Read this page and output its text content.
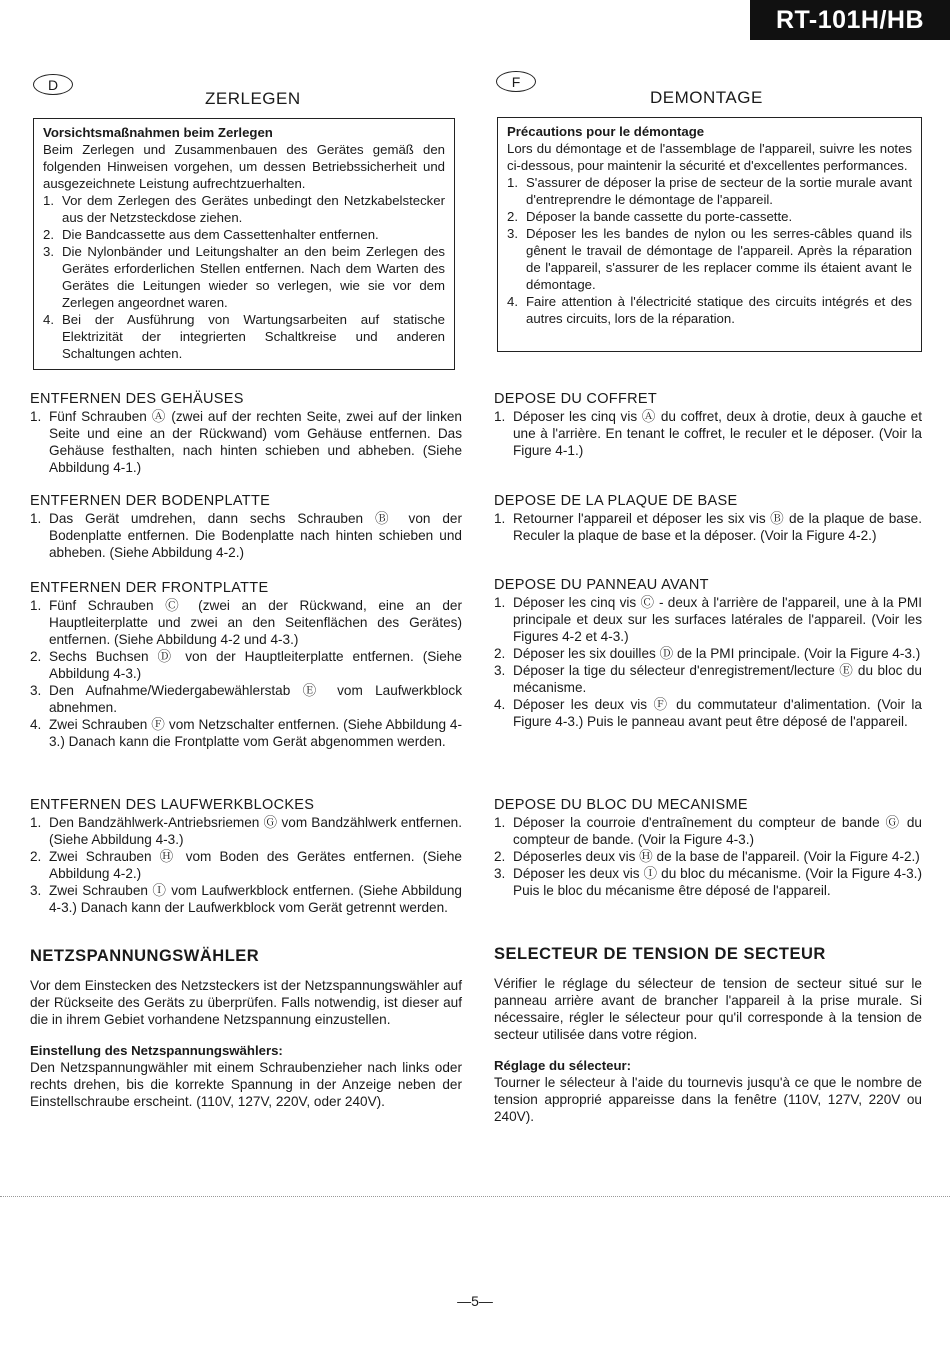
RT-101H/HB
D
ZERLEGEN
Vorsichtsmaßnahmen beim Zerlegen

Beim Zerlegen und Zusammenbauen des Gerätes gemäß den folgenden Hinweisen vorgehen, um dessen Betriebssicherheit und ausgezeichnete Leistung aufrechtzuerhalten.

1. Vor dem Zerlegen des Gerätes unbedingt den Netzkabelstecker aus der Netzsteckdose ziehen.
2. Die Bandcassette aus dem Cassettenhalter entfernen.
3. Die Nylonbänder und Leitungshalter an den beim Zerlegen des Gerätes erforderlichen Stellen entfernen. Nach dem Warten des Gerätes die Leitungen wieder so verlegen, wie sie vor dem Zerlegen angeordnet waren.
4. Bei der Ausführung von Wartungsarbeiten auf statische Elektrizität der integrierten Schaltkreise und anderen Schaltungen achten.
ENTFERNEN DES GEHÄUSES
1. Fünf Schrauben Ⓐ (zwei auf der rechten Seite, zwei auf der linken Seite und eine an der Rückwand) vom Gehäuse entfernen. Das Gehäuse festhalten, nach hinten schieben und abheben. (Siehe Abbildung 4-1.)
ENTFERNEN DER BODENPLATTE
1. Das Gerät umdrehen, dann sechs Schrauben Ⓑ von der Bodenplatte entfernen. Die Bodenplatte nach hinten schieben und abheben. (Siehe Abbildung 4-2.)
ENTFERNEN DER FRONTPLATTE
1. Fünf Schrauben Ⓒ (zwei an der Rückwand, eine an der Hauptleiterplatte und zwei an den Seitenflächen des Gerätes) entfernen. (Siehe Abbildung 4-2 und 4-3.)
2. Sechs Buchsen Ⓓ von der Hauptleiterplatte entfernen. (Siehe Abbildung 4-3.)
3. Den Aufnahme/Wiedergabewählerstab Ⓔ vom Laufwerkblock abnehmen.
4. Zwei Schrauben Ⓕ vom Netzschalter entfernen. (Siehe Abbildung 4-3.) Danach kann die Frontplatte vom Gerät abgenommen werden.
ENTFERNEN DES LAUFWERKBLOCKES
1. Den Bandzählwerk-Antriebsriemen Ⓖ vom Bandzählwerk entfernen. (Siehe Abbildung 4-3.)
2. Zwei Schrauben Ⓗ vom Boden des Gerätes entfernen. (Siehe Abbildung 4-2.)
3. Zwei Schrauben Ⓘ vom Laufwerkblock entfernen. (Siehe Abbildung 4-3.) Danach kann der Laufwerkblock vom Gerät getrennt werden.
NETZSPANNUNGSWÄHLER

Vor dem Einstecken des Netzsteckers ist der Netzspannungswähler auf der Rückseite des Geräts zu überprüfen. Falls notwendig, ist dieser auf die in ihrem Gebiet vorhandene Netzspannung einzustellen.

Einstellung des Netzspannungswählers:

Den Netzspannungwähler mit einem Schraubenzieher nach links oder rechts drehen, bis die korrekte Spannung in der Anzeige neben der Einstellschraube erscheint. (110V, 127V, 220V, oder 240V).

F
DEMONTAGE
Précautions pour le démontage

Lors du démontage et de l'assemblage de l'appareil, suivre les notes ci-dessous, pour maintenir la sécurité et d'excellentes performances.

1. S'assurer de déposer la prise de secteur de la sortie murale avant d'entreprendre le démontage de l'appareil.
2. Déposer la bande cassette du porte-cassette.
3. Déposer les les bandes de nylon ou les serres-câbles quand ils gênent le travail de démontage de l'appareil. Après la réparation de l'appareil, s'assurer de les replacer comme ils étaient avant le démontage.
4. Faire attention à l'électricité statique des circuits intégrés et des autres circuits, lors de la réparation.
DEPOSE DU COFFRET
1. Déposer les cinq vis Ⓐ du coffret, deux à drotie, deux à gauche et une à l'arrière. En tenant le coffret, le reculer et le déposer. (Voir la Figure 4-1.)
DEPOSE DE LA PLAQUE DE BASE
1. Retourner l'appareil et déposer les six vis Ⓑ de la plaque de base. Reculer la plaque de base et la déposer. (Voir la Figure 4-2.)
DEPOSE DU PANNEAU AVANT
1. Déposer les cinq vis Ⓒ - deux à l'arrière de l'appareil, une à la PMI principale et deux sur les surfaces latérales de l'appareil. (Voir les Figures 4-2 et 4-3.)
2. Déposer les six douilles Ⓓ de la PMI principale. (Voir la Figure 4-3.)
3. Déposer la tige du sélecteur d'enregistrement/lecture Ⓔ du bloc du mécanisme.
4. Déposer les deux vis Ⓕ du commutateur d'alimentation. (Voir la Figure 4-3.) Puis le panneau avant peut être déposé de l'appareil.
DEPOSE DU BLOC DU MECANISME
1. Déposer la courroie d'entraînement du compteur de bande Ⓖ du compteur de bande. (Voir la Figure 4-3.)
2. Déposerles deux vis Ⓗ de la base de l'appareil. (Voir la Figure 4-2.)
3. Déposer les deux vis Ⓘ du bloc du mécanisme. (Voir la Figure 4-3.) Puis le bloc du mécanisme être déposé de l'appareil.
SELECTEUR DE TENSION DE SECTEUR

Vérifier le réglage du sélecteur de tension de secteur situé sur le panneau arrière avant de brancher l'appareil à la prise murale. Si nécessaire, régler le sélecteur pour qu'il corresponde à la tension de secteur utilisée dans votre région.

Réglage du sélecteur:

Tourner le sélecteur à l'aide du tournevis jusqu'à ce que le nombre de tension approprié appareisse dans la fenêtre (110V, 127V, 220V ou 240V).

—5—
